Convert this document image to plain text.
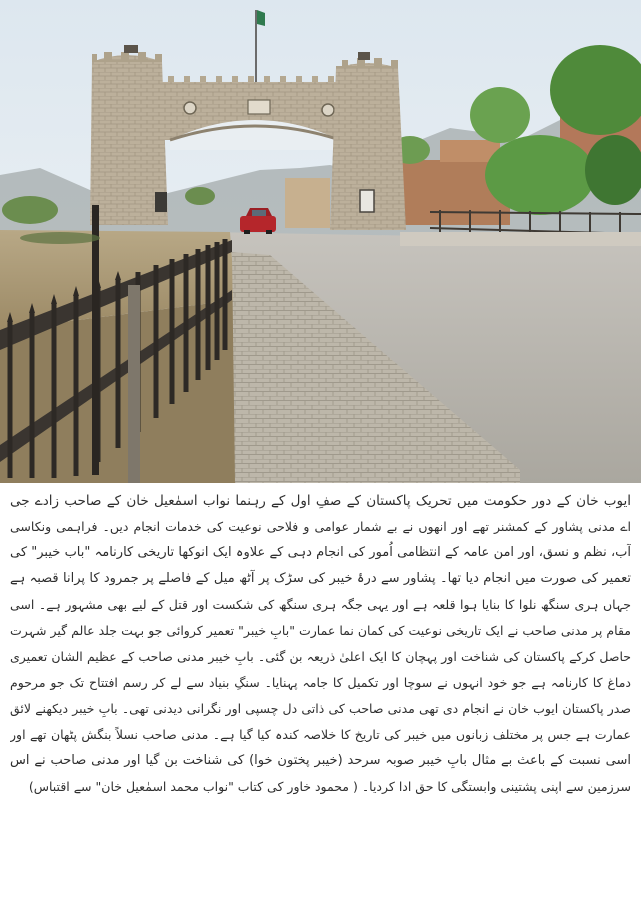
ایوب خان کے دور حکومت میں تحریک پاکستان کے صفِ اول کے رہنما نواب اسمٰعیل خان کے صاحب زادے جی
اے مدنی پشاور کے کمشنر تھے اور انھوں نے بے شمار عوامی و فلاحی نوعیت کی خدمات انجام دیں۔ فراہمی ونکاسی
آب، نظم و نسق، اور امن عامہ کے انتظامی اُمور کی انجام دہی کے علاوہ ایک انوکھا تاریخی کارنامہ "باب خیبر" کی
تعمیر کی صورت میں انجام دیا تھا۔ پشاور سے درۂ خیبر کی سڑک پر آٹھ میل کے فاصلے پر جمرود کا پرانا قصبہ ہے
جہاں ہری سنگھ نلوا کا بنایا ہوا قلعہ ہے اور یہی جگہ ہری سنگھ کی شکست اور قتل کے لیے بھی مشہور ہے۔ اسی
مقام پر مدنی صاحب نے ایک تاریخی نوعیت کی کمان نما عمارت "بابِ خیبر" تعمیر کروائی جو بہت جلد عالم گیر شہرت
حاصل کرکے پاکستان کی شناخت اور پہچان کا ایک اعلیٰ ذریعہ بن گئی۔ بابِ خیبر مدنی صاحب کے عظیم الشان تعمیری
دماغ کا کارنامہ ہے جو خود انہوں نے سوچا اور تکمیل کا جامہ پہنایا۔ سنگِ بنیاد سے لے کر رسم افتتاح تک جو مرحوم
صدر پاکستان ایوب خان نے انجام دی تھی مدنی صاحب کی ذاتی دل چسپی اور نگرانی دیدنی تھی۔ بابِ خیبر دیکھنے لائق
عمارت ہے جس پر مختلف زبانوں میں خیبر کی تاریخ کا خلاصہ کندہ کیا گیا ہے۔ مدنی صاحب نسلاً بنگش پٹھان تھے اور
اسی نسبت کے باعث بے مثال بابِ خیبر صوبہ سرحد (خیبر پختون خوا) کی شناخت بن گیا اور مدنی صاحب نے اس
سرزمین سے اپنی پشتینی وابستگی کا حق ادا کردیا۔ ( محمود خاور کی کتاب "نواب محمد اسمٰعیل خان" سے اقتباس)
